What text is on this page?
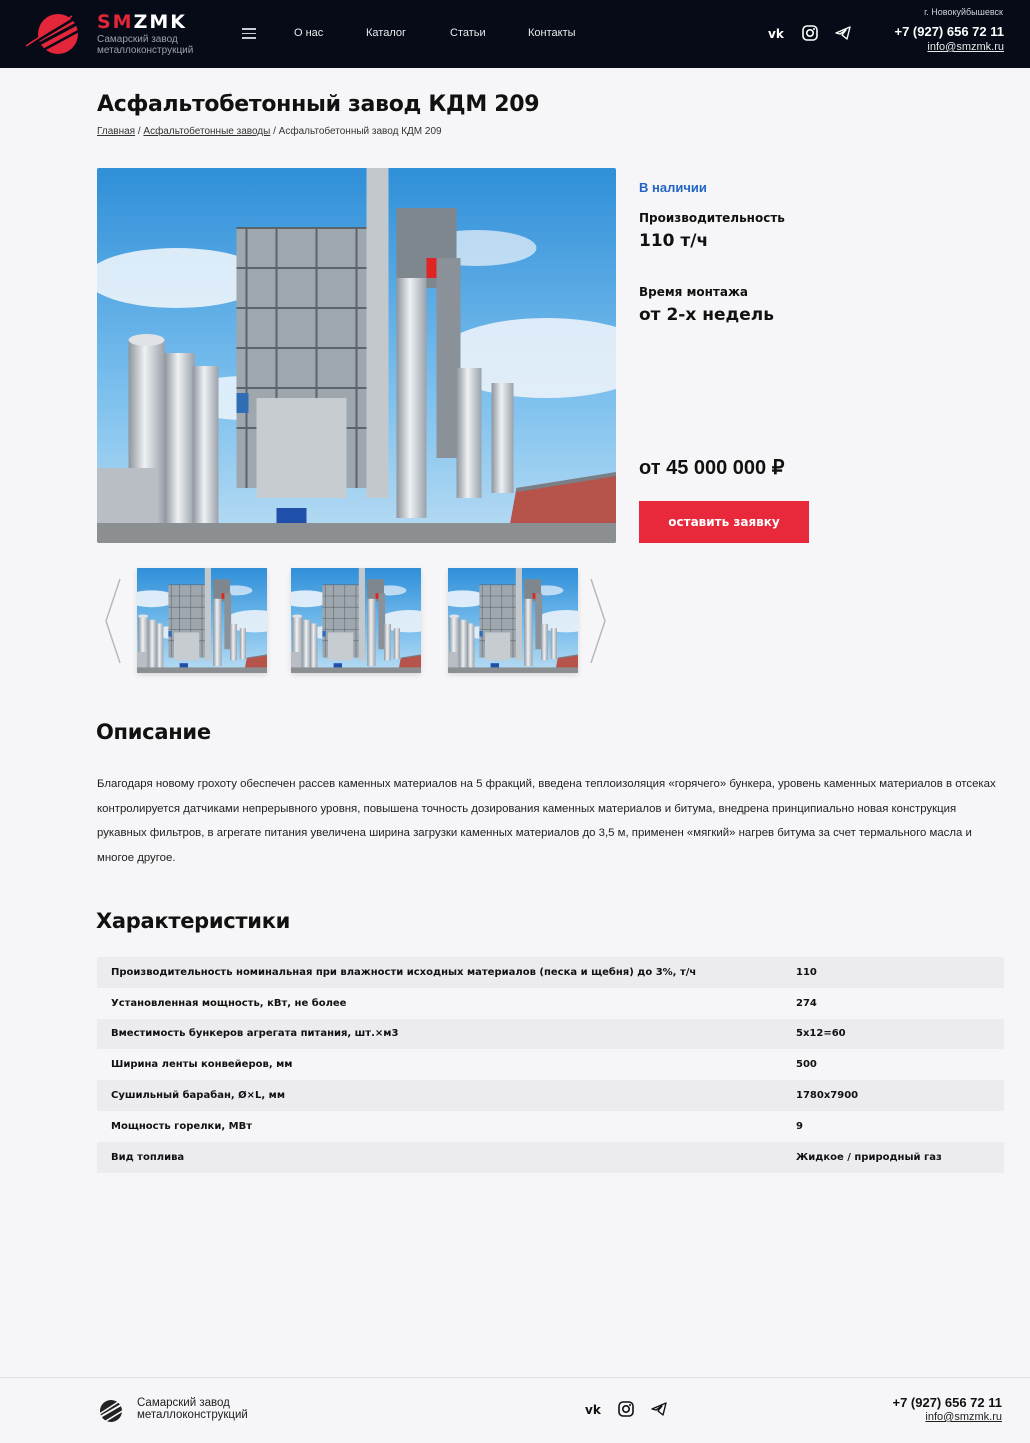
SMZMK
Самарский завод металлоконструкций
О нас	Каталог	Статьи	Контакты	vk
г. Новокуйбышевск
+7 (927) 656 72 11
info@smzmk.ru
Асфальтобетонный завод КДМ 209
Главная / Асфальтобетонные заводы / Асфальтобетонный завод КДМ 209
В наличии
Производительность
110 т/ч
Время монтажа
от 2-х недель
от 45 000 000 ₽
оставить заявку
Описание

Благодаря новому грохоту обеспечен рассев каменных материалов на 5 фракций, введена теплоизоляция «горячего» бункера, уровень каменных материалов в отсеках контролируется датчиками непрерывного уровня, повышена точность дозирования каменных материалов и битума, внедрена принципиально новая конструкция рукавных фильтров, в агрегате питания увеличена ширина загрузки каменных материалов до 3,5 м, применен «мягкий» нагрев битума за счет термального масла и многое другое.

Характеристики
Производительность номинальная при влажности исходных материалов (песка и щебня) до 3%, т/ч	110
Установленная мощность, кВт, не более	274
Вместимость бункеров агрегата питания, шт.×м3	5х12=60
Ширина ленты конвейеров, мм	500
Сушильный барабан, Ø×L, мм	1780х7900
Мощность горелки, МВт	9
Вид топлива	Жидкое / природный газ
Самарский завод металлоконструкций	vk	+7 (927) 656 72 11
info@smzmk.ru
